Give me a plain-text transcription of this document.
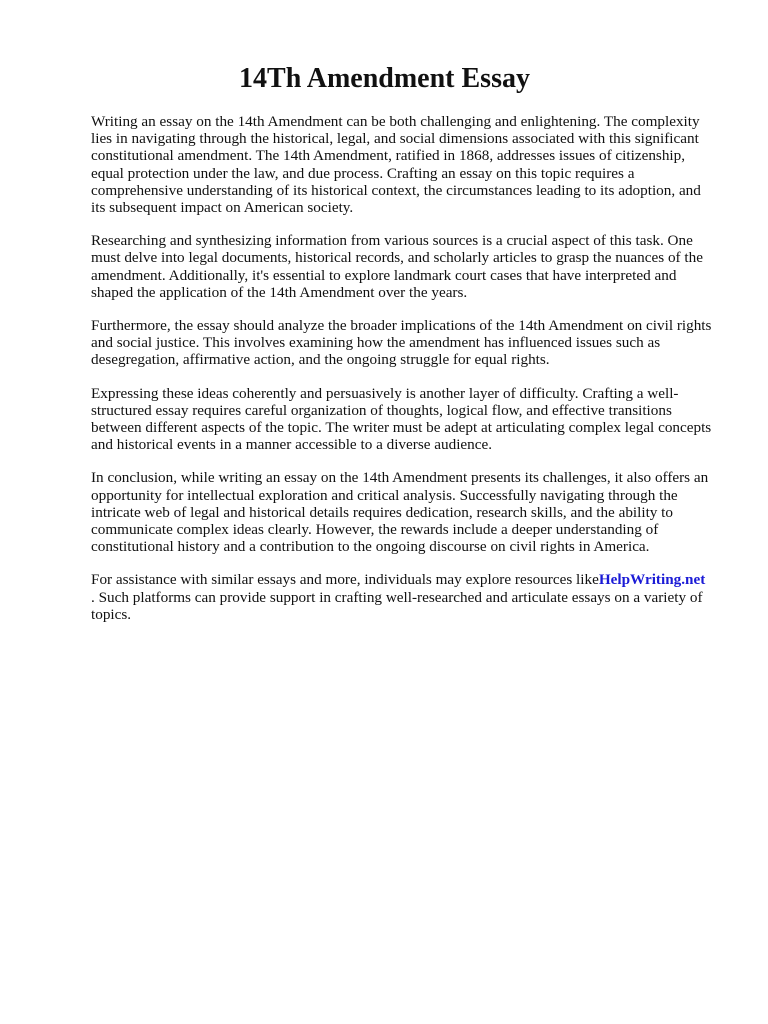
14Th Amendment Essay

Writing an essay on the 14th Amendment can be both challenging and enlightening. The complexity lies in navigating through the historical, legal, and social dimensions associated with this significant constitutional amendment. The 14th Amendment, ratified in 1868, addresses issues of citizenship, equal protection under the law, and due process. Crafting an essay on this topic requires a comprehensive understanding of its historical context, the circumstances leading to its adoption, and its subsequent impact on American society.

Researching and synthesizing information from various sources is a crucial aspect of this task. One must delve into legal documents, historical records, and scholarly articles to grasp the nuances of the amendment. Additionally, it's essential to explore landmark court cases that have interpreted and shaped the application of the 14th Amendment over the years.

Furthermore, the essay should analyze the broader implications of the 14th Amendment on civil rights and social justice. This involves examining how the amendment has influenced issues such as desegregation, affirmative action, and the ongoing struggle for equal rights.

Expressing these ideas coherently and persuasively is another layer of difficulty. Crafting a well-structured essay requires careful organization of thoughts, logical flow, and effective transitions between different aspects of the topic. The writer must be adept at articulating complex legal concepts and historical events in a manner accessible to a diverse audience.

In conclusion, while writing an essay on the 14th Amendment presents its challenges, it also offers an opportunity for intellectual exploration and critical analysis. Successfully navigating through the intricate web of legal and historical details requires dedication, research skills, and the ability to communicate complex ideas clearly. However, the rewards include a deeper understanding of constitutional history and a contribution to the ongoing discourse on civil rights in America.

For assistance with similar essays and more, individuals may explore resources likeHelpWriting.net
. Such platforms can provide support in crafting well-researched and articulate essays on a variety of topics.
